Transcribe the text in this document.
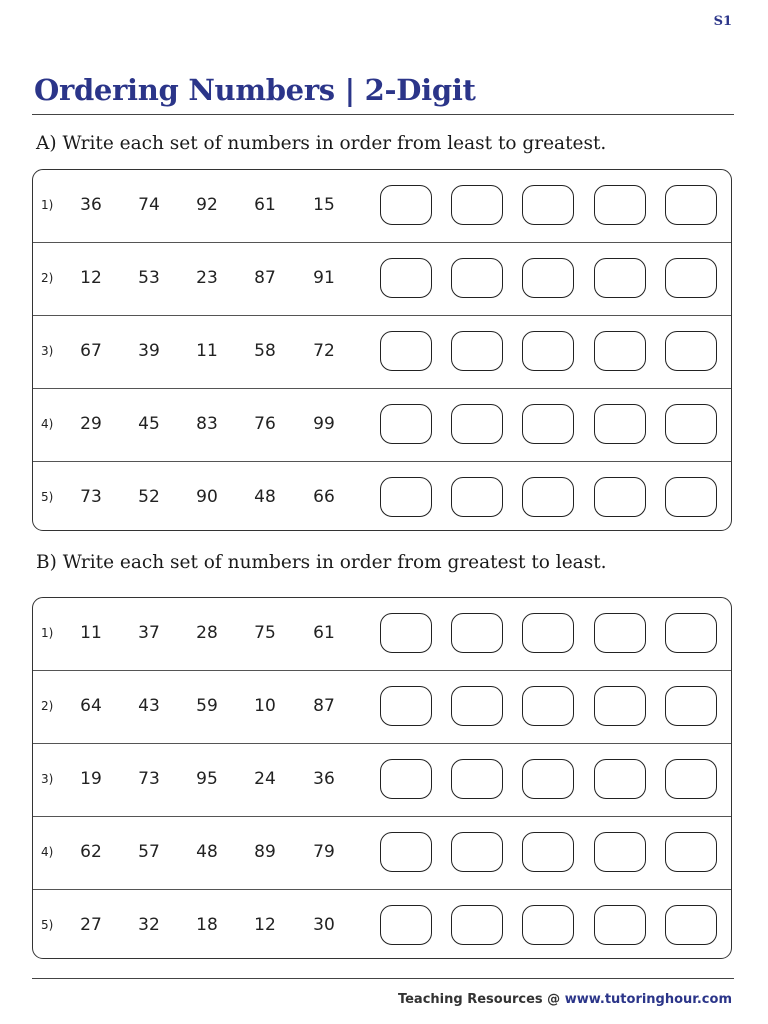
S1
Ordering Numbers | 2-Digit

A) Write each set of numbers in order from least to greatest.

1)	36	74	92	61	15
2)	12	53	23	87	91
3)	67	39	11	58	72
4)	29	45	83	76	99
5)	73	52	90	48	66

B) Write each set of numbers in order from greatest to least.

1)	11	37	28	75	61
2)	64	43	59	10	87
3)	19	73	95	24	36
4)	62	57	48	89	79
5)	27	32	18	12	30
Teaching Resources @ www.tutoringhour.com
